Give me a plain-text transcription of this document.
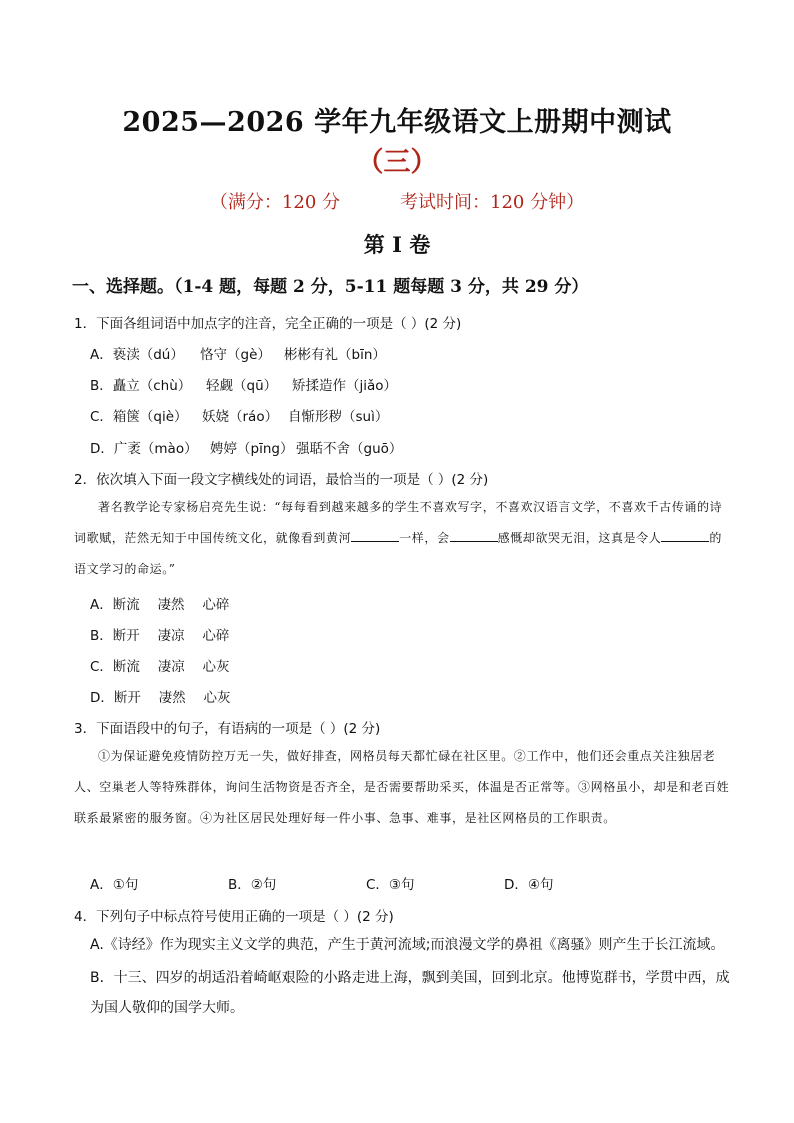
2025—2026 学年九年级语文上册期中测试
（三）
（满分：120 分	考试时间：120 分钟）
第 I 卷
一、选择题。（1-4 题，每题 2 分，5-11 题每题 3 分，共 29 分）
1．下面各组词语中加点字的注音，完全正确的一项是（ ）(2 分)
A．亵渎（dú） 恪守（gè） 彬彬有礼（bīn）
B．矗立（chù） 轻觑（qū） 矫揉造作（jiǎo）
C．箱箧（qiè） 妖娆（ráo） 自惭形秽（suì）
D．广袤（mào） 娉婷（pīng） 强聒不舍（guō）
2．依次填入下面一段文字横线处的词语，最恰当的一项是（ ）(2 分)
著名教学论专家杨启亮先生说：“每每看到越来越多的学生不喜欢写字，不喜欢汉语言文学，不喜欢千古传诵的诗词歌赋，茫然无知于中国传统文化，就像看到黄河	一样，会	感慨却欲哭无泪，这真是令人	的语文学习的命运。”
A．断流　 凄然　 心碎
B．断开　 凄凉　 心碎
C．断流　 凄凉　 心灰
D．断开　 凄然　 心灰
3．下面语段中的句子，有语病的一项是（ ）(2 分)
①为保证避免疫情防控万无一失，做好排查，网格员每天都忙碌在社区里。②工作中，他们还会重点关注独居老人、空巢老人等特殊群体，询问生活物资是否齐全，是否需要帮助采买，体温是否正常等。③网格虽小，却是和老百姓联系最紧密的服务窗。④为社区居民处理好每一件小事、急事、难事，是社区网格员的工作职责。
A．①句	B．②句	C．③句	D．④句
4．下列句子中标点符号使用正确的一项是（ ）(2 分)
A.《诗经》作为现实主义文学的典范，产生于黄河流域;而浪漫文学的鼻祖《离骚》则产生于长江流域。
B．十三、四岁的胡适沿着崎岖艰险的小路走进上海，飘到美国，回到北京。他博览群书，学贯中西，成为国人敬仰的国学大师。
